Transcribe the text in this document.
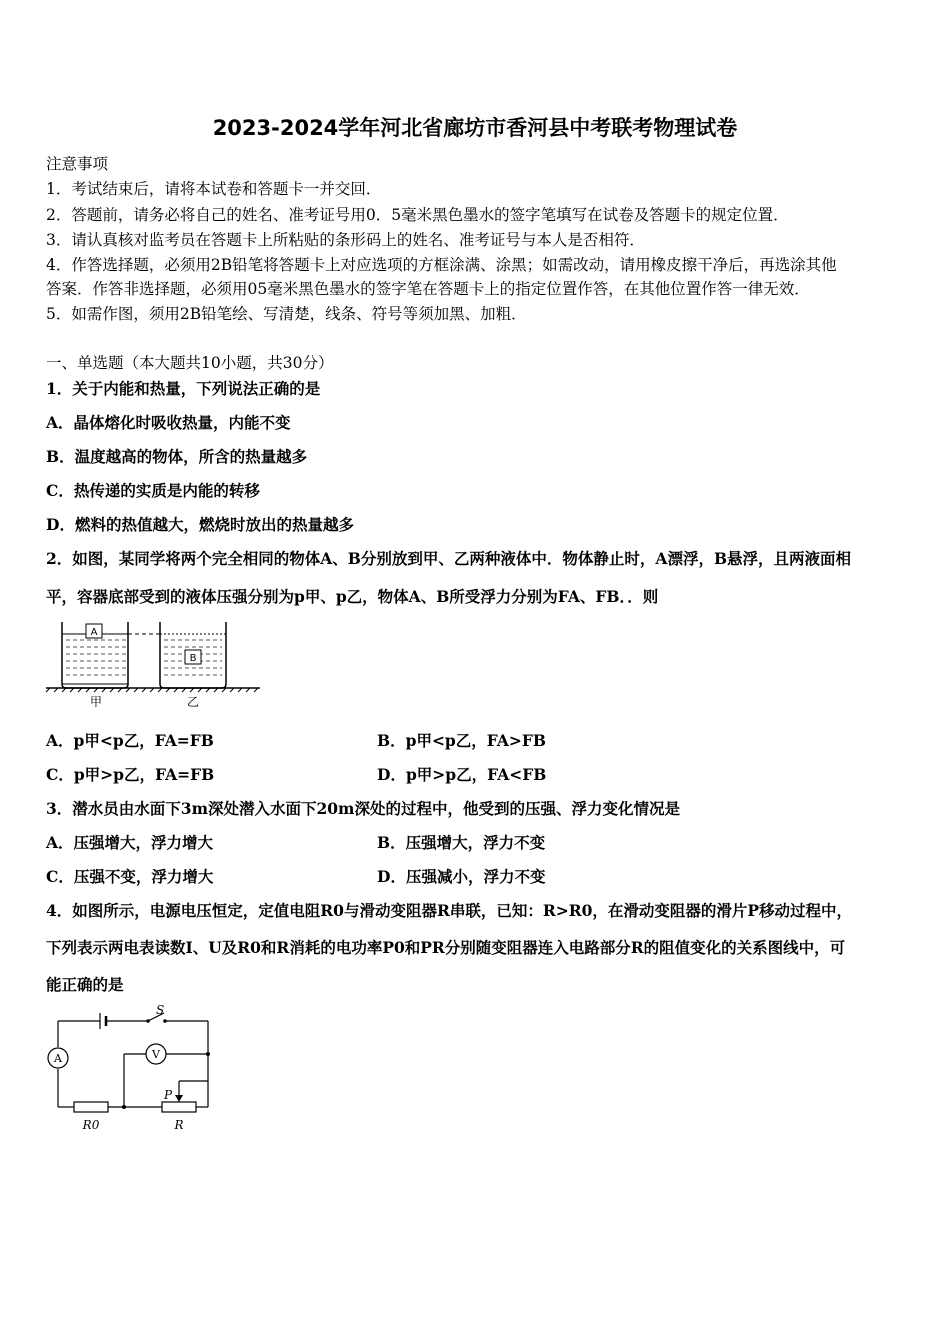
2023-2024学年河北省廊坊市香河县中考联考物理试卷
注意事项
1．考试结束后，请将本试卷和答题卡一并交回．
2．答题前，请务必将自己的姓名、准考证号用0．5毫米黑色墨水的签字笔填写在试卷及答题卡的规定位置．
3．请认真核对监考员在答题卡上所粘贴的条形码上的姓名、准考证号与本人是否相符．
4．作答选择题，必须用2B铅笔将答题卡上对应选项的方框涂满、涂黑；如需改动，请用橡皮擦干净后，再选涂其他
答案．作答非选择题，必须用05毫米黑色墨水的签字笔在答题卡上的指定位置作答，在其他位置作答一律无效．
5．如需作图，须用2B铅笔绘、写清楚，线条、符号等须加黑、加粗．
一、单选题（本大题共10小题，共30分）
1．关于内能和热量，下列说法正确的是
A．晶体熔化时吸收热量，内能不变
B．温度越高的物体，所含的热量越多
C．热传递的实质是内能的转移
D．燃料的热值越大，燃烧时放出的热量越多
2．如图，某同学将两个完全相同的物体A、B分别放到甲、乙两种液体中．物体静止时，A漂浮，B悬浮，且两液面相
平，容器底部受到的液体压强分别为p甲、p乙，物体A、B所受浮力分别为FA、FB．．则
A
B
甲	乙
A．p甲<p乙，FA=FB	B．p甲<p乙，FA>FB
C．p甲>p乙，FA=FB	D．p甲>p乙，FA<FB
3．潜水员由水面下3m深处潜入水面下20m深处的过程中，他受到的压强、浮力变化情况是
A．压强增大，浮力增大	B．压强增大，浮力不变
C．压强不变，浮力增大	D．压强减小，浮力不变
4．如图所示，电源电压恒定，定值电阻R0与滑动变阻器R串联，已知：R>R0，在滑动变阻器的滑片P移动过程中，
下列表示两电表读数I、U及R0和R消耗的电功率P0和PR分别随变阻器连入电路部分R的阻值变化的关系图线中，可
能正确的是
A	V
S
P
R0	R
